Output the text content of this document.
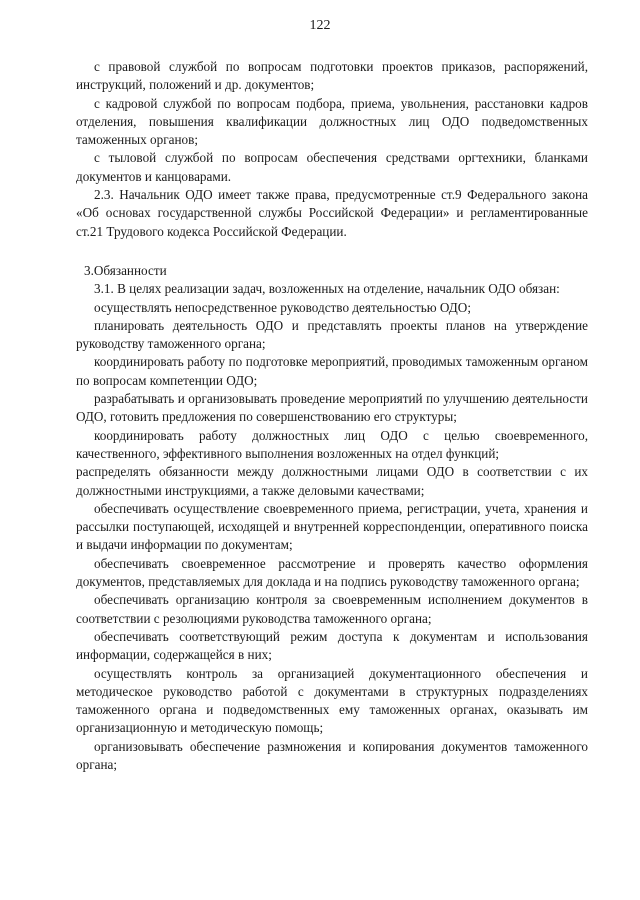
122

с правовой службой по вопросам подготовки проектов приказов, распоряжений, инструкций, положений и др. документов;

с кадровой службой по вопросам подбора, приема, увольнения, расстановки кадров отделения, повышения квалификации должностных лиц ОДО подведомственных таможенных органов;

с тыловой службой по вопросам обеспечения средствами оргтехники, бланками документов и канцоварами.

2.3. Начальник ОДО имеет также права, предусмотренные ст.9 Федерального закона «Об основах государственной службы Российской Федерации» и регламентированные ст.21 Трудового кодекса Российской Федерации.

3.Обязанности

3.1. В целях реализации задач, возложенных на отделение, начальник ОДО обязан:

осуществлять непосредственное руководство деятельностью ОДО;

планировать деятельность ОДО и представлять проекты планов на утверждение руководству таможенного органа;

координировать работу по подготовке мероприятий, проводимых таможенным органом по вопросам компетенции ОДО;

разрабатывать и организовывать проведение мероприятий по улучшению деятельности ОДО, готовить предложения по совершенствованию его структуры;

координировать работу должностных лиц ОДО с целью своевременного, качественного, эффективного выполнения возложенных на отдел функций;

распределять обязанности между должностными лицами ОДО в соответствии с их должностными инструкциями, а также деловыми качествами;

обеспечивать осуществление своевременного приема, регистрации, учета, хранения и рассылки поступающей, исходящей и внутренней корреспонденции, оперативного поиска и выдачи информации по документам;

обеспечивать своевременное рассмотрение и проверять качество оформления документов, представляемых для доклада и на подпись руководству таможенного органа;

обеспечивать организацию контроля за своевременным исполнением документов в соответствии с резолюциями руководства таможенного органа;

обеспечивать соответствующий режим доступа к документам и использования информации, содержащейся в них;

осуществлять контроль за организацией документационного обеспечения и методическое руководство работой с документами в структурных подразделениях таможенного органа и подведомственных ему таможенных органах, оказывать им организационную и методическую помощь;

организовывать обеспечение размножения и копирования документов таможенного органа;
